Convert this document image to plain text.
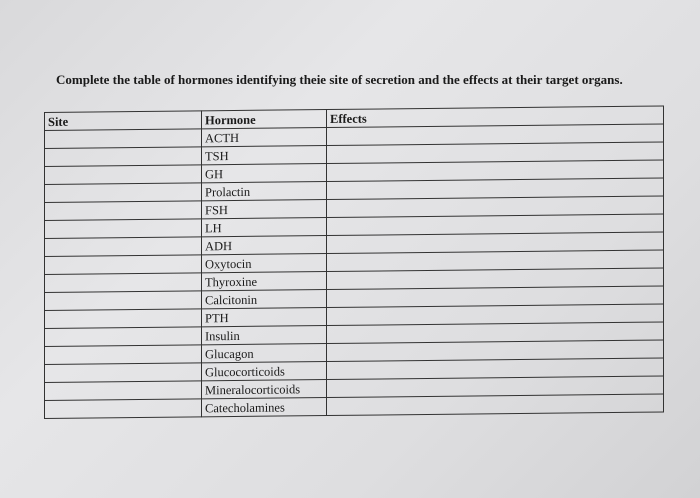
Complete the table of hormones identifying theie site of secretion and the effects at their target organs.
Site	Hormone	Effects
	ACTH	
	TSH	
	GH	
	Prolactin	
	FSH	
	LH	
	ADH	
	Oxytocin	
	Thyroxine	
	Calcitonin	
	PTH	
	Insulin	
	Glucagon	
	Glucocorticoids	
	Mineralocorticoids	
	Catecholamines	
